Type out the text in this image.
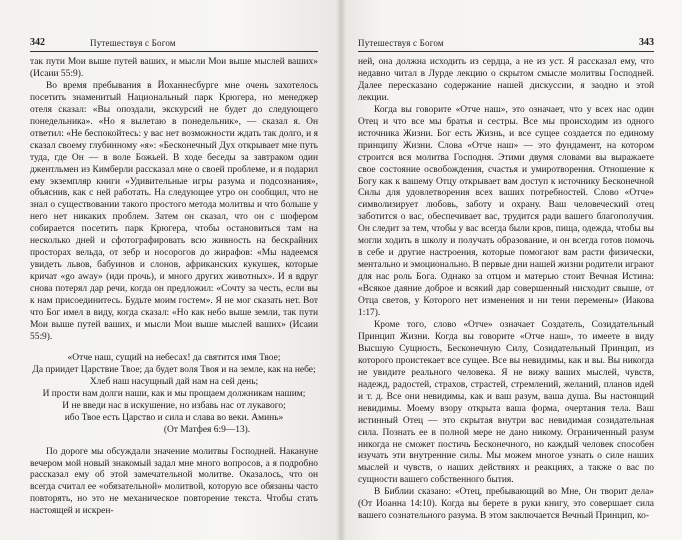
342	Путешествуя с Богом

так пути Мои выше путей ваших, и мысли Мои выше мыслей ваших» (Исаии 55:9).

Во время пребывания в Йоханнесбурге мне очень захотелось посетить знаменитый Национальный парк Крюгера, но менеджер отеля сказал: «Вы опоздали, экскурсий не будет до следующего понедельника». «Но я вылетаю в понедельник», — сказал я. Он ответил: «Не беспокойтесь: у вас нет возможности ждать так долго, и я сказал своему глубинному «я»: «Бесконечный Дух открывает мне путь туда, где Он — в воле Божьей. В ходе беседы за завтраком один джентльмен из Кимберли рассказал мне о своей проблеме, и я подарил ему экземпляр книги «Удивительные игры разума и подсознания», объяснив, как с ней работать. На следующее утро он сообщил, что не знал о существовании такого простого метода молитвы и что больше у него нет никаких проблем. Затем он сказал, что он с шофером собирается посетить парк Крюгера, чтобы остановиться там на несколько дней и сфотографировать всю живность на бескрайних просторах вельда, от зебр и носорогов до жирафов: «Мы надеемся увидеть львов, бабуинов и слонов, африканских кукушек, которые кричат «go away» (иди прочь), и много других животных». И я вдруг снова потерял дар речи, когда он предложил: «Сочту за честь, если вы к нам присоединитесь. Будьте моим гостем». Я не мог сказать нет. Вот что Бог имел в виду, когда сказал: «Но как небо выше земли, так пути Мои выше путей ваших, и мысли Мои выше мыслей ваших» (Исаии 55:9).

«Отче наш, сущий на небесах! да святится имя Твое;
Да приидет Царствие Твое; да будет воля Твоя и на земле, как на небе;
Хлеб наш насущный дай нам на сей день;
И прости нам долги наши, как и мы прощаем должникам нашим;
И не введи нас в искушение, но избавь нас от лукавого;
ибо Твое есть Царство и сила и слава во веки. Аминь»
(От Матфея 6:9—13).

По дороге мы обсуждали значение молитвы Господней. Накануне вечером мой новый знакомый задал мне много вопросов, а я подробно рассказал ему об этой замечательной молитве. Оказалось, что он всегда считал ее «обязательной» молитвой, которую все обязаны часто повторять, но это не механическое повторение текста. Чтобы стать настоящей и искрен-

Путешествуя с Богом	343

ней, она должна исходить из сердца, а не из уст. Я рассказал ему, что недавно читал в Лурде лекцию о скрытом смысле молитвы Господней. Далее пересказано содержание нашей дискуссии, я заодно и этой лекции.

Когда вы говорите «Отче наш», это означает, что у всех нас один Отец и что все мы братья и сестры. Все мы происходим из одного источника Жизни. Бог есть Жизнь, и все сущее создается по единому принципу Жизни. Слова «Отче наш» — это фундамент, на котором строится вся молитва Господня. Этими двумя словами вы выражаете свое состояние освобождения, счастья и умиротворения. Отношение к Богу как к вашему Отцу открывает вам доступ к источнику Бесконечной Силы для удовлетворения всех ваших потребностей. Слово «Отче» символизирует любовь, заботу и охрану. Ваш человеческий отец заботится о вас, обеспечивает вас, трудится ради вашего благополучия. Он следит за тем, чтобы у вас всегда были кров, пища, одежда, чтобы вы могли ходить в школу и получать образование, и он всегда готов помочь в себе и другие настроения, которые помогают вам расти физически, ментально и эмоционально. В первые дни нашей жизни родители играют для нас роль Бога. Однако за отцом и матерью стоит Вечная Истина: «Всякое даяние доброе и всякий дар совершенный нисходит свыше, от Отца светов, у Которого нет изменения и ни тени перемены» (Иакова 1:17).

Кроме того, слово «Отче» означает Создатель, Созидательный Принцип Жизни. Когда вы говорите «Отче наш», то имеете в виду Высшую Сущность, Бесконечную Силу, Созидательный Принцип, из которого проистекает все сущее. Все вы невидимы, как и вы. Вы никогда не увидите реального человека. Я не вижу ваших мыслей, чувств, надежд, радостей, страхов, страстей, стремлений, желаний, планов идей и т. д. Все они невидимы, как и ваш разум, ваша душа. Вы настоящий невидимы. Моему взору открыта ваша форма, очертания тела. Ваш истинный Отец — это скрытая внутри вас невидимая созидательная сила. Познать ее в полной мере не дано никому. Ограниченный разум никогда не сможет постичь Бесконечного, но каждый человек способен изучать эти внутренние силы. Мы можем многое узнать о силе наших мыслей и чувств, о наших действиях и реакциях, а также о вас по сущности вашего собственного бытия.

В Библии сказано: «Отец, пребывающий во Мне, Он творит дела» (От Иоанна 14:10). Когда вы берете в руки книгу, это совершает сила вашего сознательного разума. В этом заключается Вечный Принцип, ко-
